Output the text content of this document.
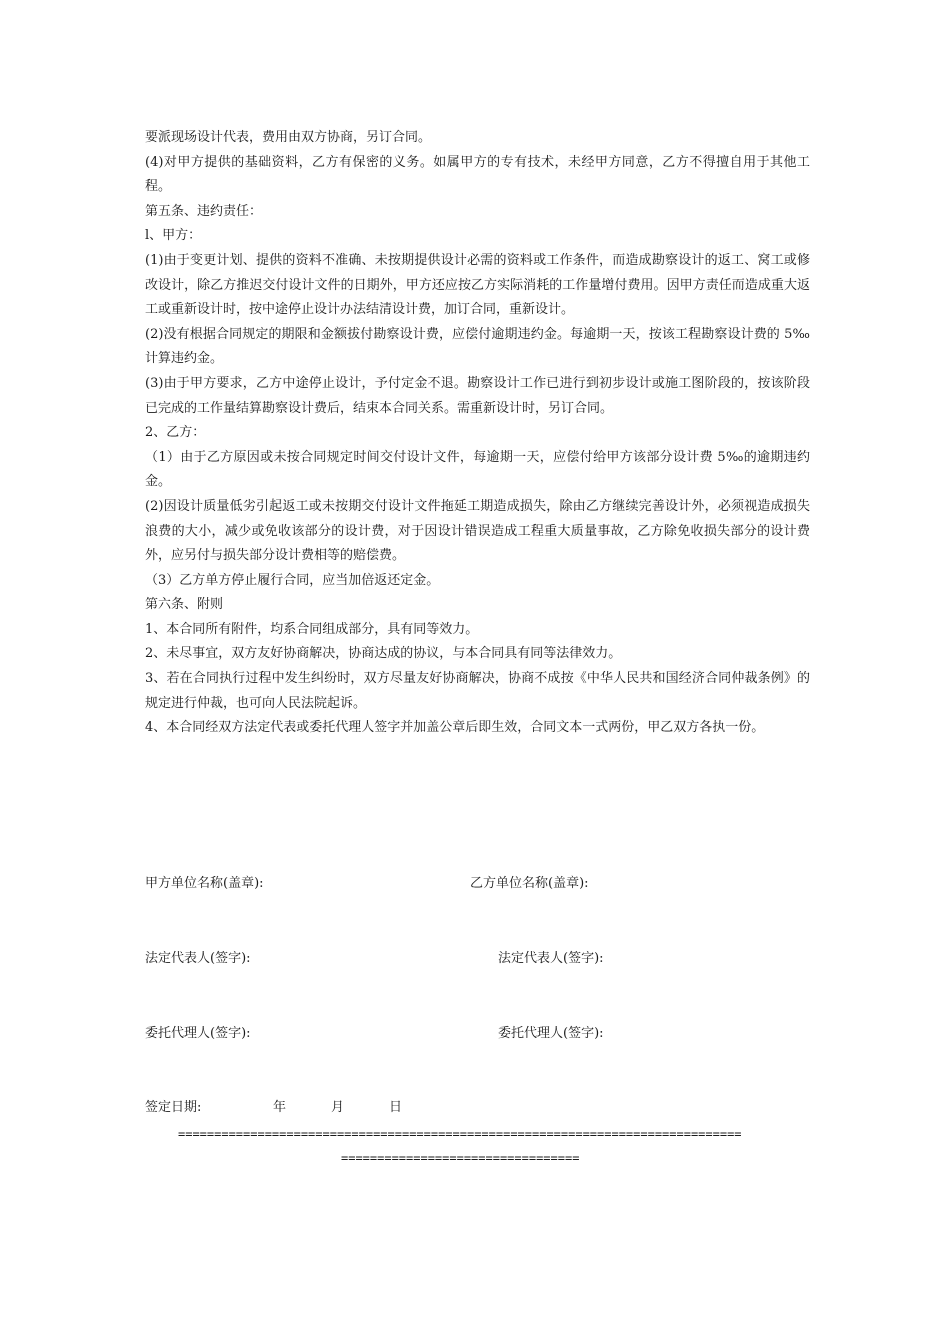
要派现场设计代表，费用由双方协商，另订合同。

(4)对甲方提供的基础资料，乙方有保密的义务。如属甲方的专有技术，未经甲方同意，乙方不得擅自用于其他工程。

第五条、违约责任：

l、甲方：

(1)由于变更计划、提供的资料不准确、未按期提供设计必需的资料或工作条件，而造成勘察设计的返工、窝工或修改设计，除乙方推迟交付设计文件的日期外，甲方还应按乙方实际消耗的工作量增付费用。因甲方责任而造成重大返工或重新设计时，按中途停止设计办法结清设计费，加订合同，重新设计。

(2)没有根据合同规定的期限和金额拔付勘察设计费，应偿付逾期违约金。每逾期一天，按该工程勘察设计费的 5‰计算违约金。

(3)由于甲方要求，乙方中途停止设计，予付定金不退。勘察设计工作已进行到初步设计或施工图阶段的，按该阶段已完成的工作量结算勘察设计费后，结束本合同关系。需重新设计时，另订合同。

2、乙方：

（1）由于乙方原因或未按合同规定时间交付设计文件，每逾期一天，应偿付给甲方该部分设计费 5‰的逾期违约金。

(2)因设计质量低劣引起返工或未按期交付设计文件拖延工期造成损失，除由乙方继续完善设计外，必须视造成损失浪费的大小，减少或免收该部分的设计费，对于因设计错误造成工程重大质量事故，乙方除免收损失部分的设计费外，应另付与损失部分设计费相等的赔偿费。

（3）乙方单方停止履行合同，应当加倍返还定金。

第六条、附则

1、本合同所有附件，均系合同组成部分，具有同等效力。

2、未尽事宜，双方友好协商解决，协商达成的协议，与本合同具有同等法律效力。

3、若在合同执行过程中发生纠纷时，双方尽量友好协商解决，协商不成按《中华人民共和国经济合同仲裁条例》的规定进行仲裁，也可向人民法院起诉。

4、本合同经双方法定代表或委托代理人签字并加盖公章后即生效，合同文本一式两份，甲乙双方各执一份。

甲方单位名称(盖章):	乙方单位名称(盖章):
法定代表人(签字):	法定代表人(签字):
委托代理人(签字):	委托代理人(签字):
签定日期:	年	月	日
==============================================================================
=================================
